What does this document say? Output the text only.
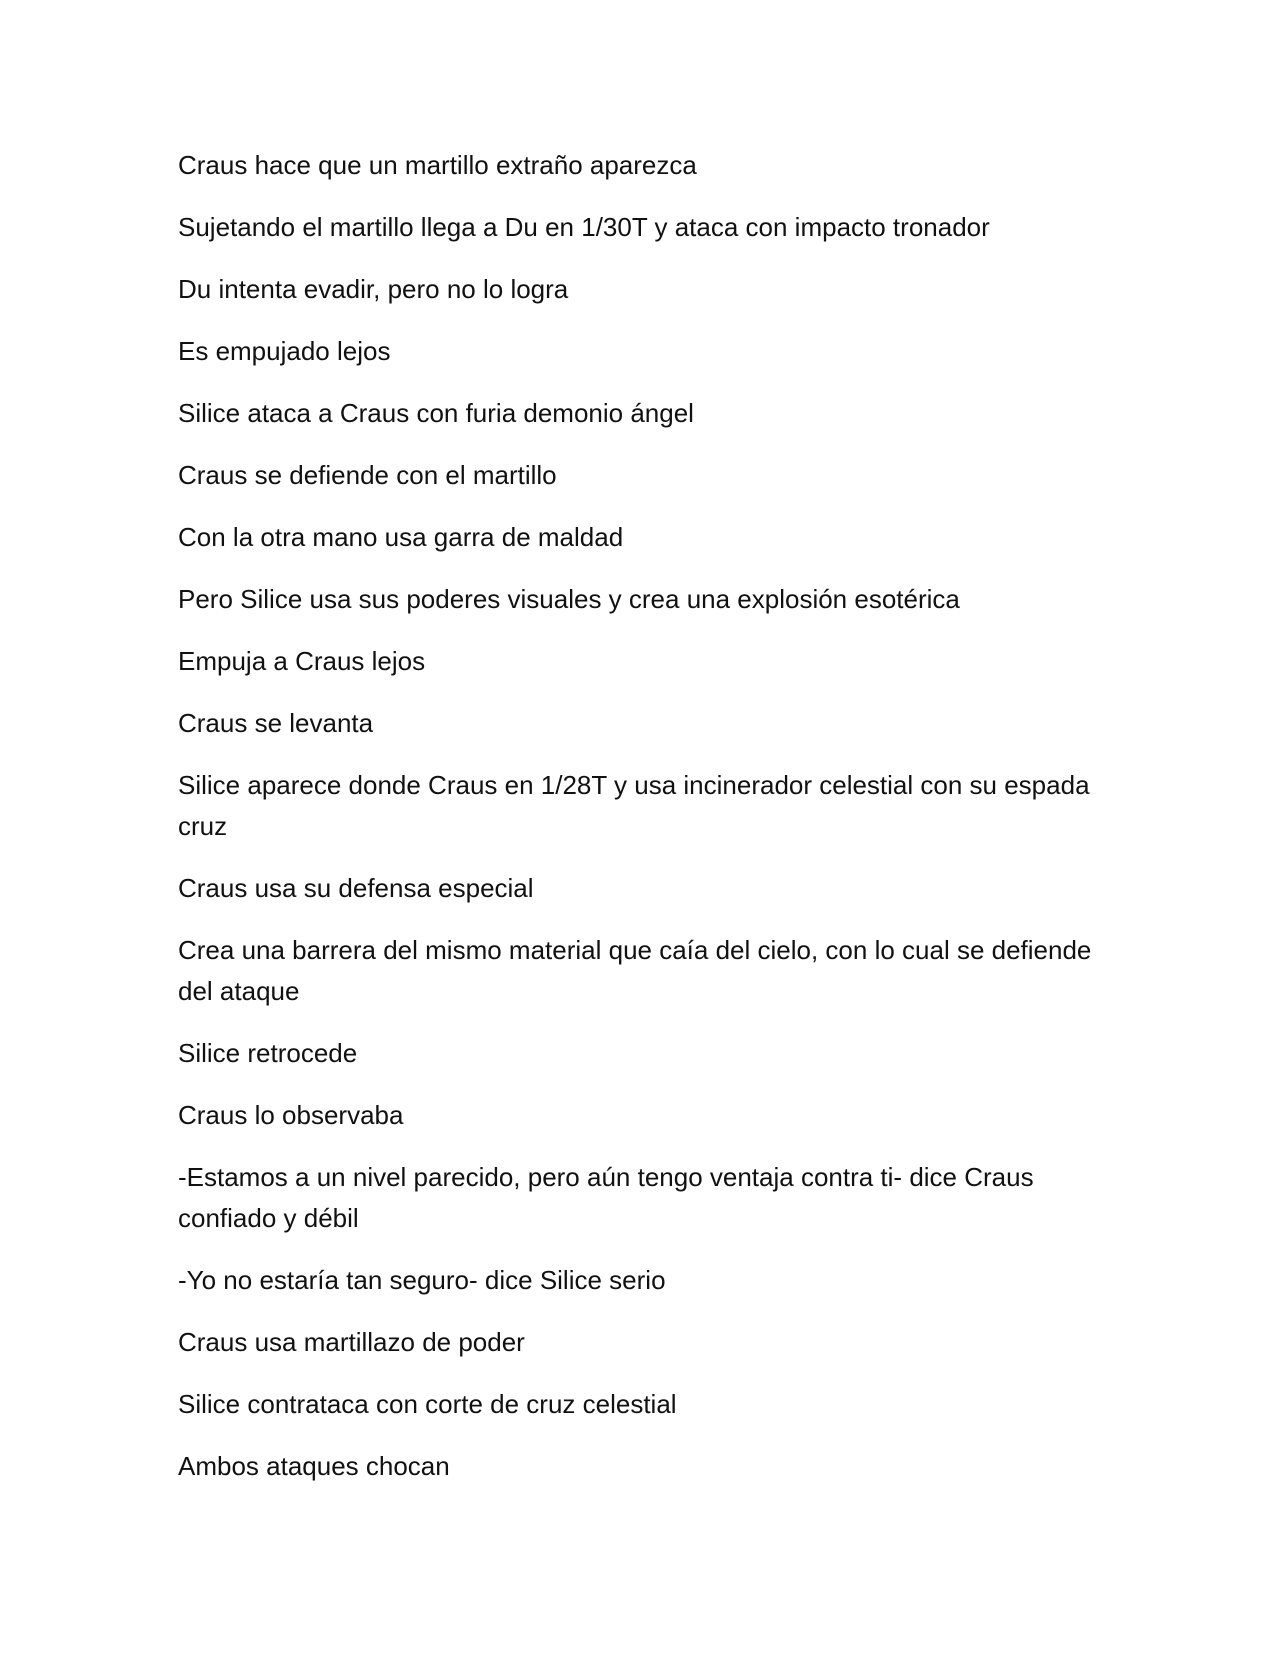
Craus hace que un martillo extraño aparezca

Sujetando el martillo llega a Du en 1/30T y ataca con impacto tronador

Du intenta evadir, pero no lo logra

Es empujado lejos

Silice ataca a Craus con furia demonio ángel

Craus se defiende con el martillo

Con la otra mano usa garra de maldad

Pero Silice usa sus poderes visuales y crea una explosión esotérica

Empuja a Craus lejos

Craus se levanta

Silice aparece donde Craus en 1/28T y usa incinerador celestial con su espada cruz

Craus usa su defensa especial

Crea una barrera del mismo material que caía del cielo, con lo cual se defiende del ataque

Silice retrocede

Craus lo observaba

-Estamos a un nivel parecido, pero aún tengo ventaja contra ti- dice Craus confiado y débil

-Yo no estaría tan seguro- dice Silice serio

Craus usa martillazo de poder

Silice contrataca con corte de cruz celestial

Ambos ataques chocan
